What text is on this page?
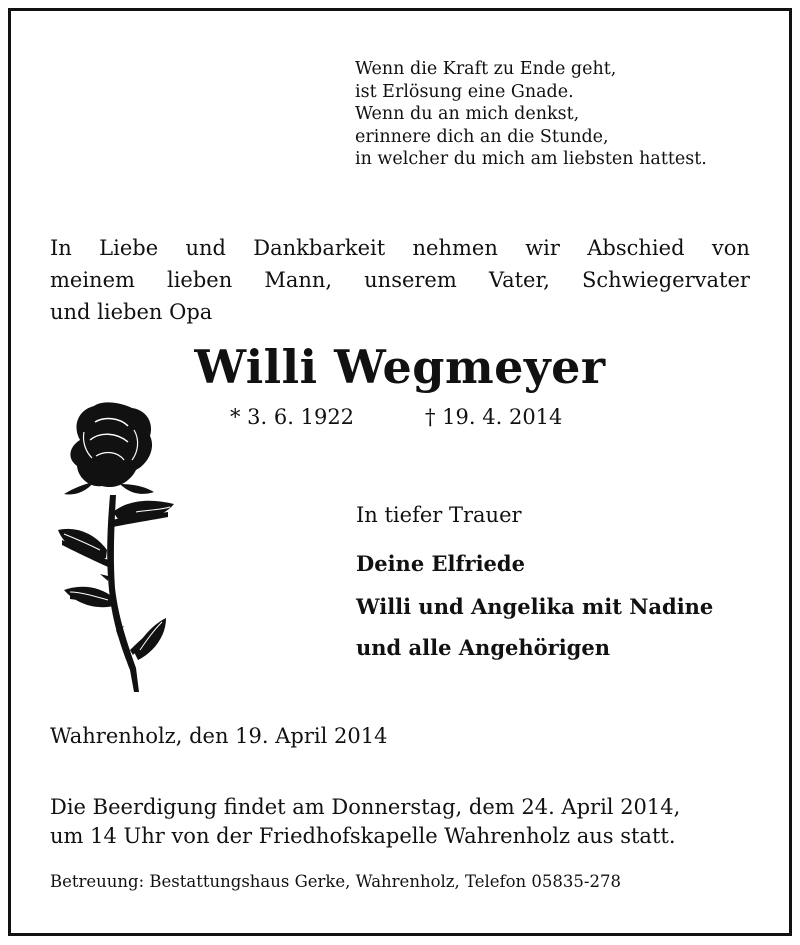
Wenn die Kraft zu Ende geht,
ist Erlösung eine Gnade.
Wenn du an mich denkst,
erinnere dich an die Stunde,
in welcher du mich am liebsten hattest.
In Liebe und Dankbarkeit nehmen wir Abschied von
meinem lieben Mann, unserem Vater, Schwiegervater
und lieben Opa
Willi Wegmeyer
* 3. 6. 1922	† 19. 4. 2014
In tiefer Trauer
Deine Elfriede
Willi und Angelika mit Nadine
und alle Angehörigen
Wahrenholz, den 19. April 2014
Die Beerdigung findet am Donnerstag, dem 24. April 2014,
um 14 Uhr von der Friedhofskapelle Wahrenholz aus statt.
Betreuung: Bestattungshaus Gerke, Wahrenholz, Telefon 05835-278
